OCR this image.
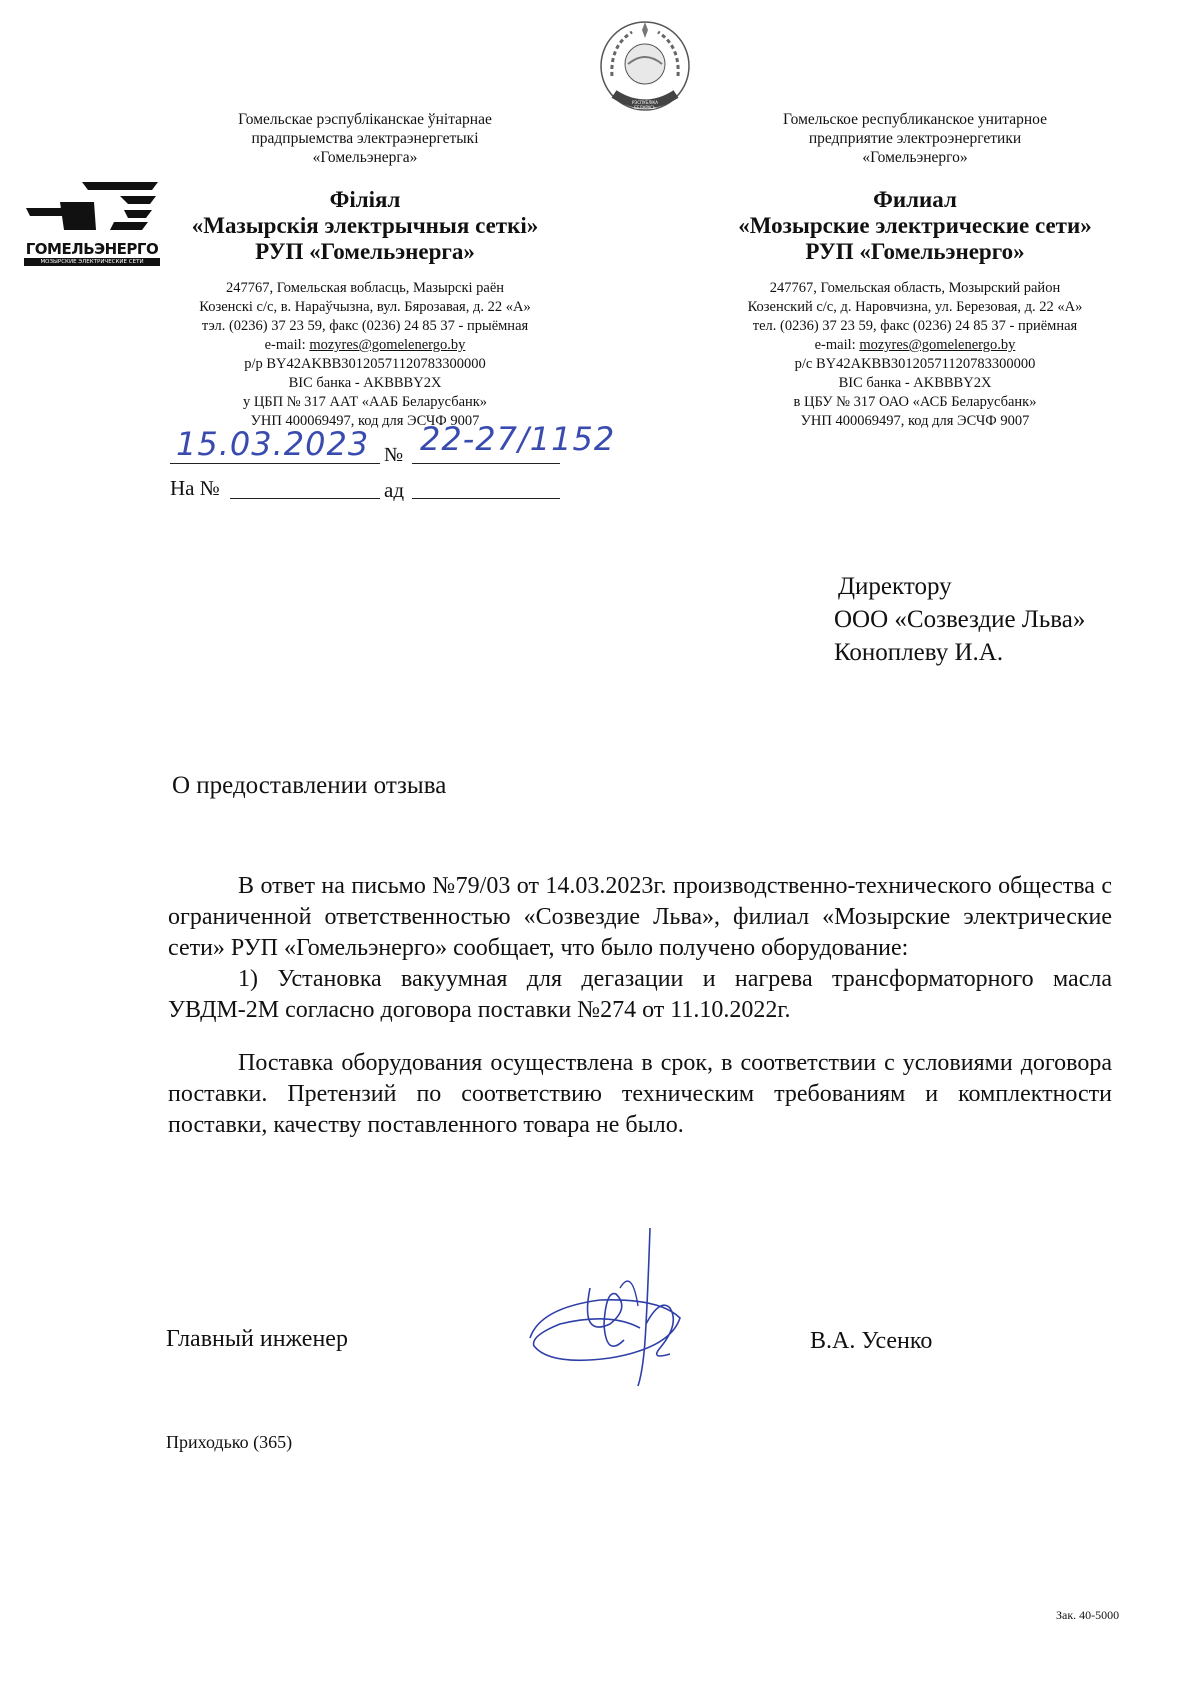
РЭСПУБЛІКА БЕЛАРУСЬ
ГОМЕЛЬЭНЕРГО
МОЗЫРСКИЕ ЭЛЕКТРИЧЕСКИЕ СЕТИ
Гомельскае рэспубліканскае ўнітарнае
прадпрыемства электраэнергетыкі
«Гомельэнерга»
Філіял
«Мазырскія электрычныя сеткі»
РУП «Гомельэнерга»
247767, Гомельская вобласць, Мазырскі раён
Козенскі с/с, в. Нараўчызна, вул. Бярозавая, д. 22 «А»
тэл. (0236) 37 23 59, факс (0236) 24 85 37 - прыёмная
e-mail: mozyres@gomelenergo.by
р/р BY42AKBB30120571120783300000
BIC банка - AKBBBY2X
у ЦБП № 317 ААТ «ААБ Беларусбанк»
УНП 400069497, код для ЭСЧФ 9007
Гомельское республиканское унитарное
предприятие электроэнергетики
«Гомельэнерго»
Филиал
«Мозырские электрические сети»
РУП «Гомельэнерго»
247767, Гомельская область, Мозырский район
Козенский с/с, д. Наровчизна, ул. Березовая, д. 22 «А»
тел. (0236) 37 23 59, факс (0236) 24 85 37 - приёмная
e-mail: mozyres@gomelenergo.by
р/с BY42AKBB30120571120783300000
BIC банка - AKBBBY2X
в ЦБУ № 317 ОАО «АСБ Беларусбанк»
УНП 400069497, код для ЭСЧФ 9007
15.03.2023 № 22-27/1152
На №	ад
Директору
ООО «Созвездие Льва»
Коноплеву И.А.
О предоставлении отзыва

В ответ на письмо №79/03 от 14.03.2023г. производственно-технического общества с ограниченной ответственностью «Созвездие Льва», филиал «Мозырские электрические сети» РУП «Гомельэнерго» сообщает, что было получено оборудование:

1) Установка вакуумная для дегазации и нагрева трансформаторного масла УВДМ-2М согласно договора поставки №274 от 11.10.2022г.

Поставка оборудования осуществлена в срок, в соответствии с условиями договора поставки. Претензий по соответствию техническим требованиям и комплектности поставки, качеству поставленного товара не было.

Главный инженер	В.А. Усенко
Приходько (365)
Зак. 40-5000
